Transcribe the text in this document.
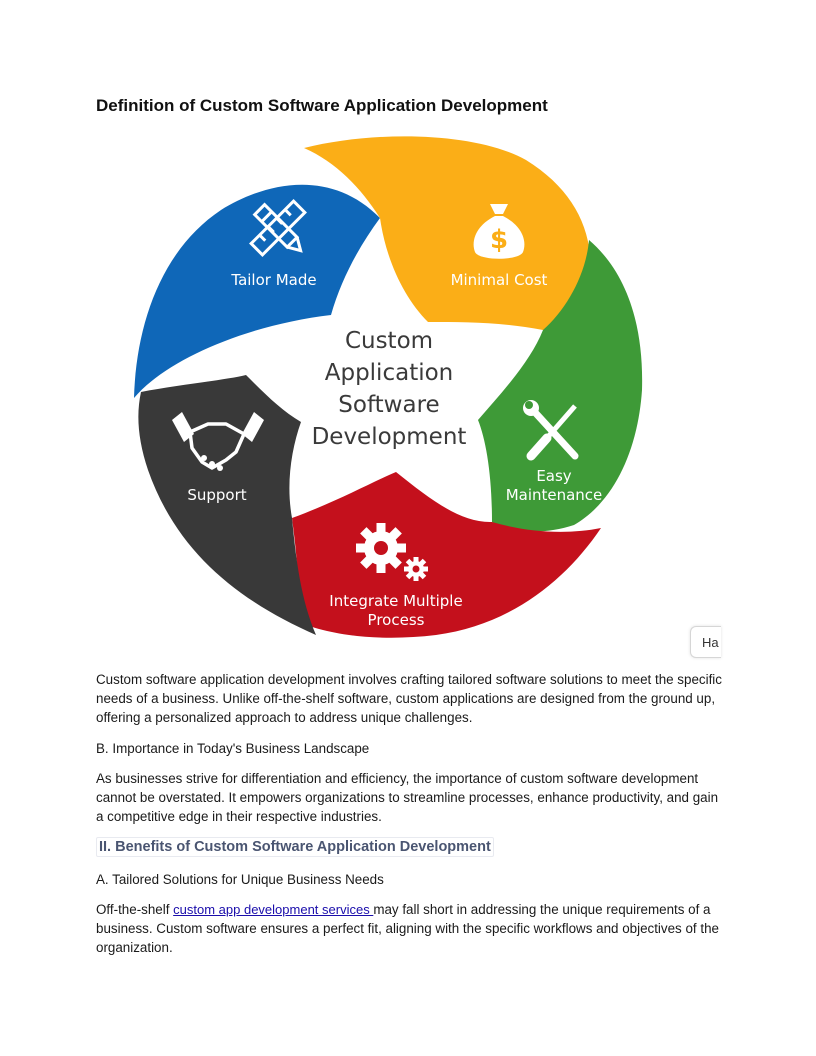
Definition of Custom Software Application Development
Custom
Application
Software
Development
$
Tailor Made	Minimal Cost
Easy
Maintenance
Integrate Multiple
Process
Support
Ha

Custom software application development involves crafting tailored software solutions to meet the specific needs of a business. Unlike off-the-shelf software, custom applications are designed from the ground up, offering a personalized approach to address unique challenges.

B. Importance in Today's Business Landscape

As businesses strive for differentiation and efficiency, the importance of custom software development cannot be overstated. It empowers organizations to streamline processes, enhance productivity, and gain a competitive edge in their respective industries.

II. Benefits of Custom Software Application Development

A. Tailored Solutions for Unique Business Needs

Off-the-shelf custom app development services may fall short in addressing the unique requirements of a business. Custom software ensures a perfect fit, aligning with the specific workflows and objectives of the organization.
